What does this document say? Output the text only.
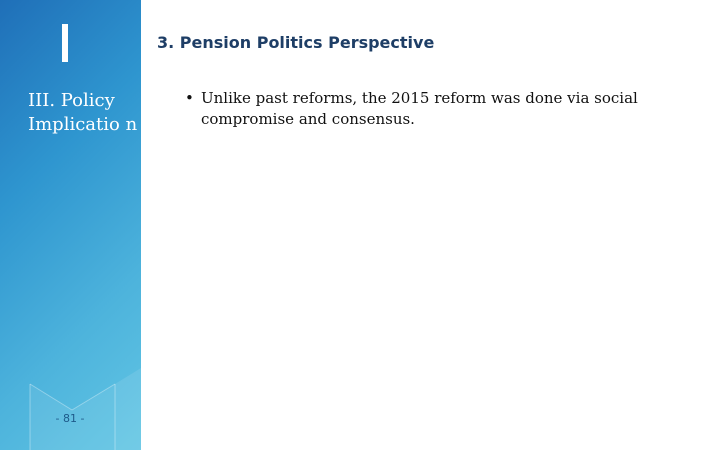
III. Policy Implicatio n
- 81 -
3. Pension Politics Perspective
• Unlike past reforms, the 2015 reform was done via social compromise and consensus.
Since 2013, Social conflict regarding civil service pension had become severe
All persons concerned including lawmakers, gov't officials, union members, experts & civic activists have participated in the negotiation structure.
Finally, all parties came to a social agreement, which is based on mutual understanding & concession.
